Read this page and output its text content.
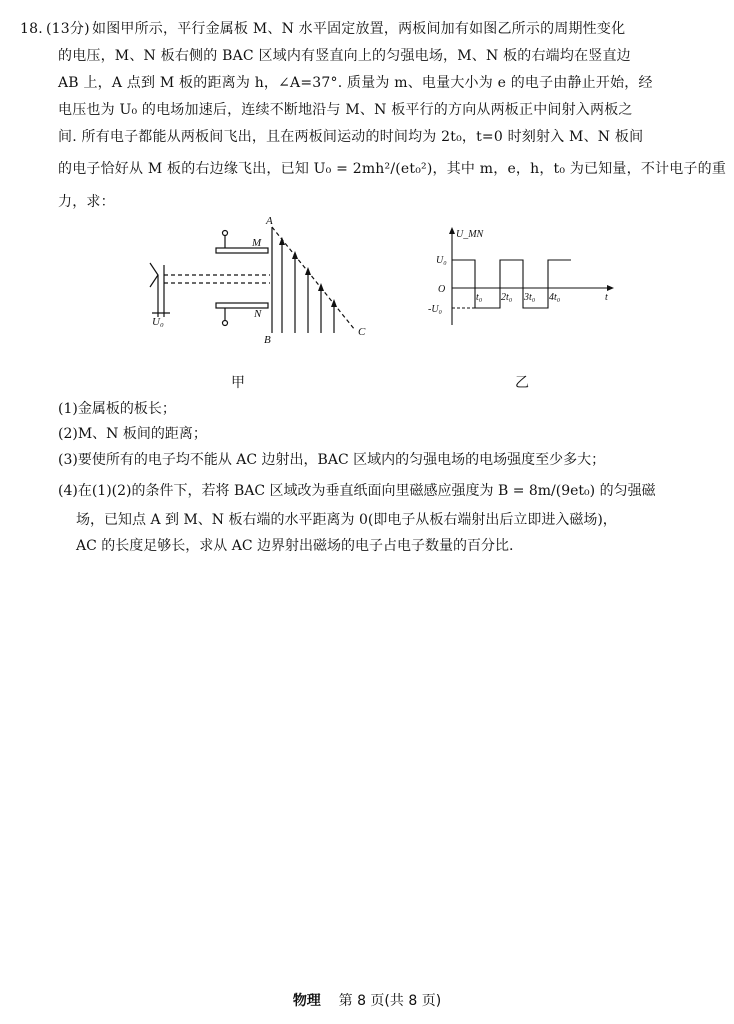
18. (13分) 如图甲所示，平行金属板 M、N 水平固定放置，两板间加有如图乙所示的周期性变化
的电压，M、N 板右侧的 BAC 区域内有竖直向上的匀强电场，M、N 板的右端均在竖直边
AB 上，A 点到 M 板的距离为 h，∠A=37°. 质量为 m、电量大小为 e 的电子由静止开始，经
电压也为 U₀ 的电场加速后，连续不断地沿与 M、N 板平行的方向从两板正中间射入两板之
间. 所有电子都能从两板间飞出，且在两板间运动的时间均为 2t₀，t=0 时刻射入 M、N 板间
的电子恰好从 M 板的右边缘飞出，已知 U₀ = 2mh²/(et₀²)，其中 m，e，h，t₀ 为已知量，不计电子的重
力，求：
A
B
C
M
N
U₀
甲
U_MN
U₀
-U₀
O
t
t₀ 2t₀ 3t₀ 4t₀
乙
(1)金属板的板长；
(2)M、N 板间的距离；
(3)要使所有的电子均不能从 AC 边射出，BAC 区域内的匀强电场的电场强度至少多大；
(4)在(1)(2)的条件下，若将 BAC 区域改为垂直纸面向里磁感应强度为 B = 8m/(9et₀) 的匀强磁
场，已知点 A 到 M、N 板右端的水平距离为 0(即电子从板右端射出后立即进入磁场)，
AC 的长度足够长，求从 AC 边界射出磁场的电子占电子数量的百分比.
物理 第 8 页(共 8 页)
